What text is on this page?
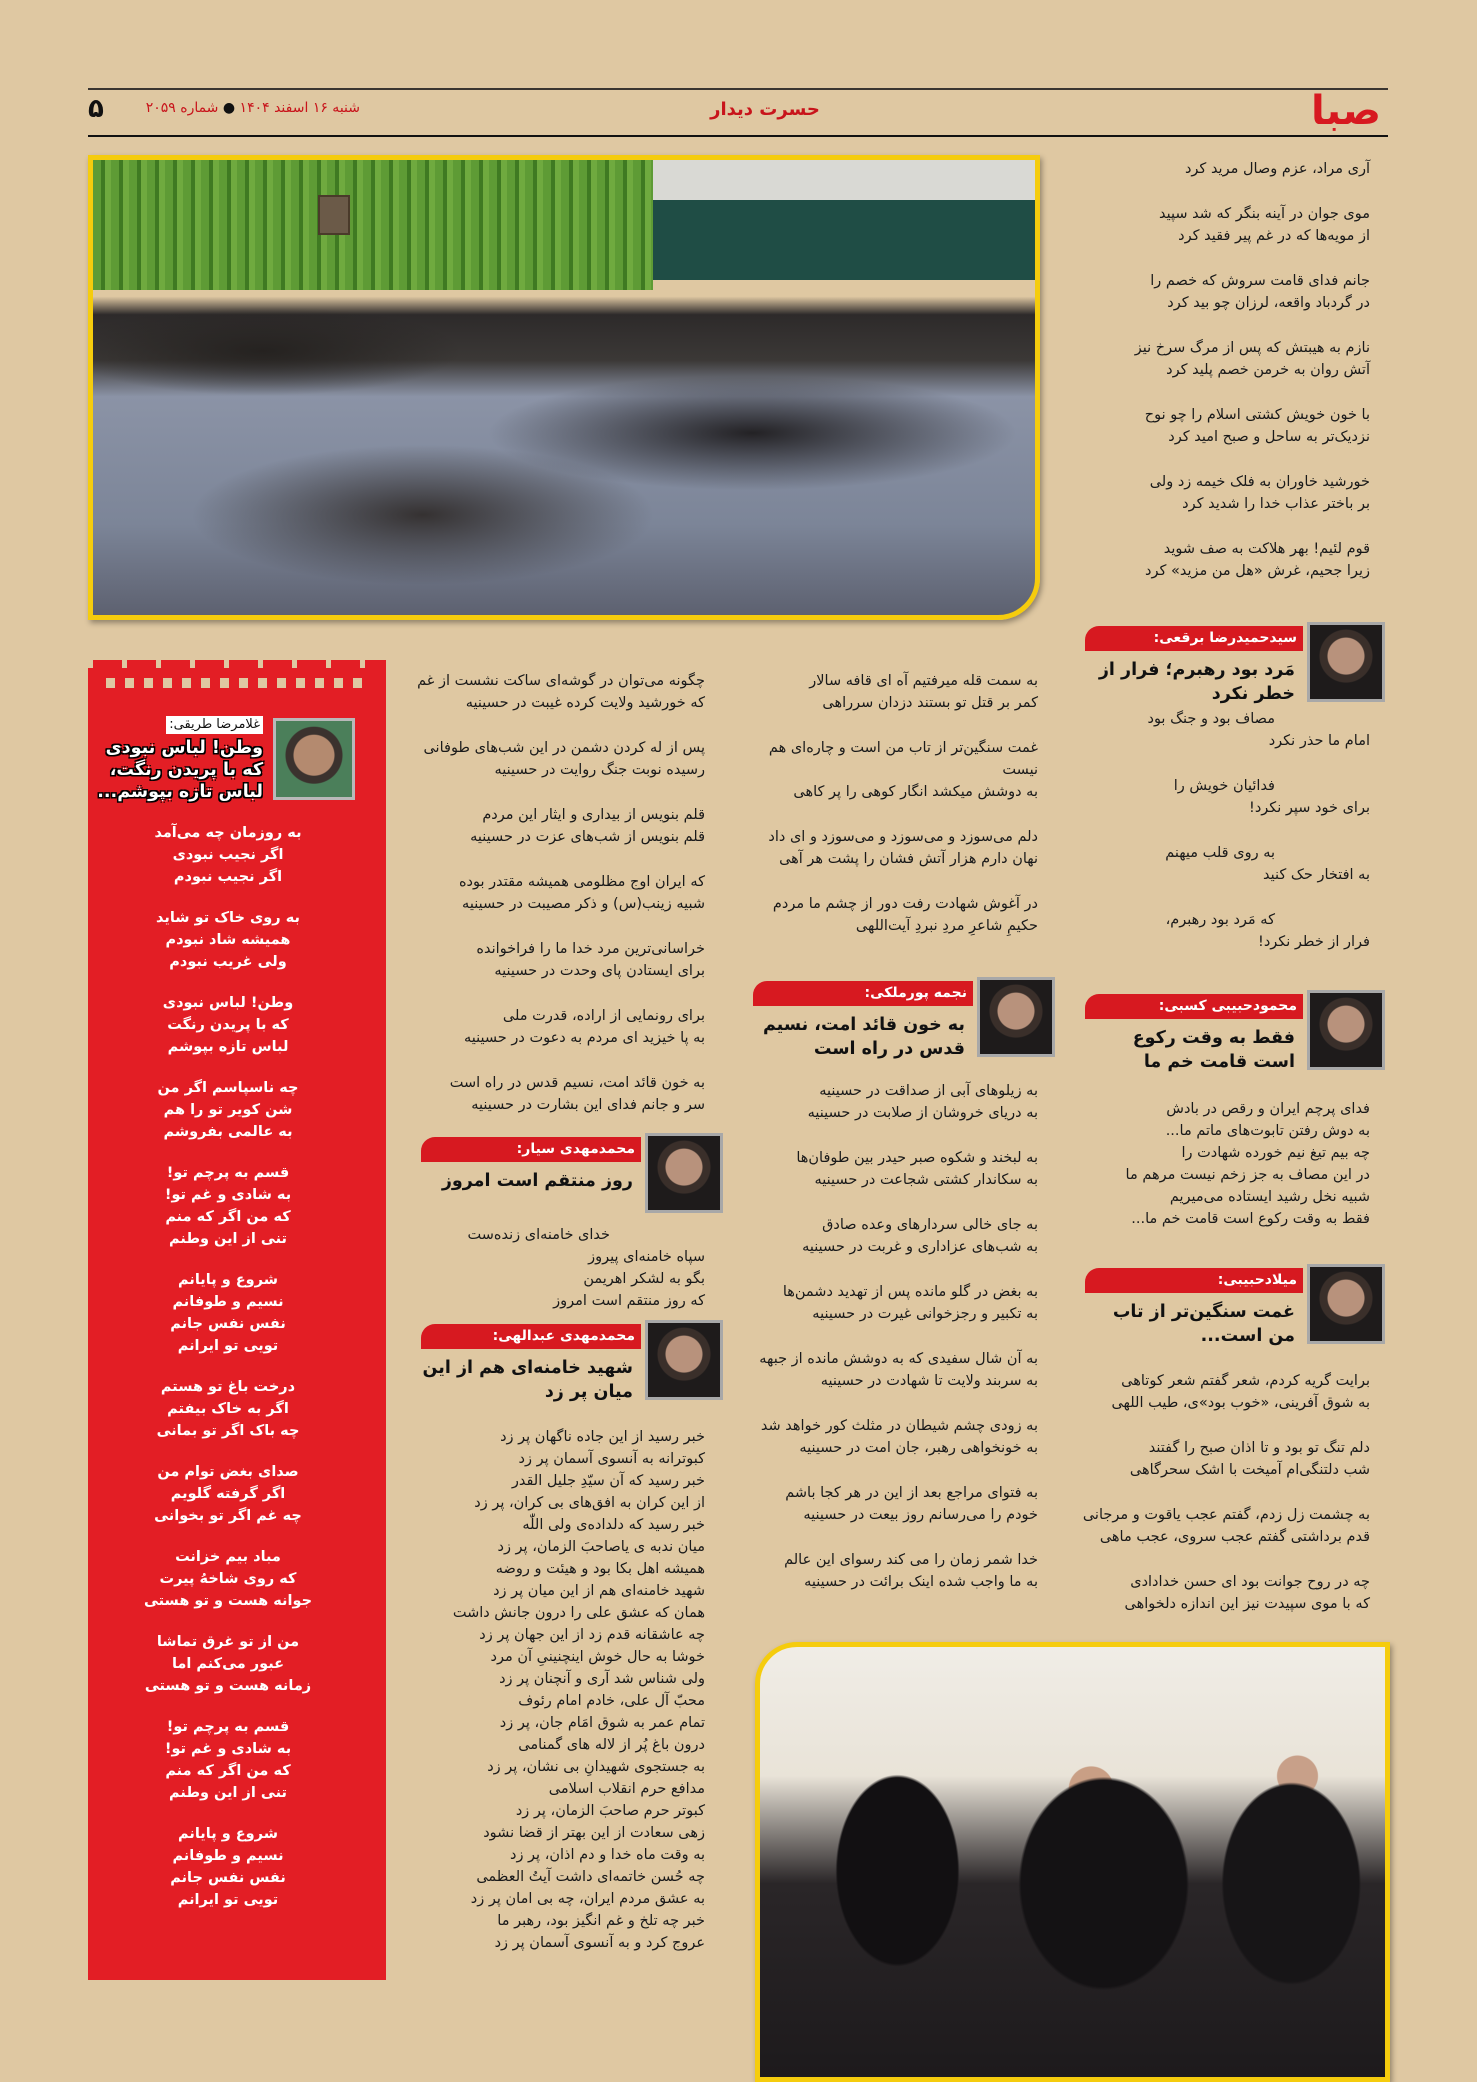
صبا
حسرت دیدار
شنبه ۱۶ اسفند ۱۴۰۴ ● شماره ۲۰۵۹
۵
آری مراد، عزم وصال مرید کرد
موی جوان در آینه بنگر که شد سپید
از مویه‌ها که در غم پیر فقید کرد
جانم فدای قامت سروش که خصم را
در گردباد واقعه، لرزان چو بید کرد
نازم به هیبتش که پس از مرگ سرخ نیز
آتش روان به خرمن خصم پلید کرد
با خون خویش کشتی اسلام را چو نوح
نزدیک‌تر به ساحل و صبح امید کرد
خورشید خاوران به فلک خیمه زد ولی
بر باختر عذاب خدا را شدید کرد
قوم لئیم! بهر هلاکت به صف شوید
زیرا جحیم، غرش «هل من مزید» کرد
سیدحمیدرضا برقعی:
مَرد بود رهبرم؛ فرار از خطر نکرد
مصاف بود و جنگ بود
امام ما حذر نکرد
فدائیان خویش را
برای خود سپر نکرد!
به روی قلب میهنم
به افتخار حک کنید
که مَرد بود رهبرم،
فرار از خطر نکرد!
محمودحبیبی کسبی:
فقط به وقت رکوع است قامت خم ما
فدای پرچم ایران و رقص در بادش
به دوش رفتن تابوت‌های ماتم ما...
چه بیم تیغ نیم خورده شهادت را
در این مصاف به جز زخم نیست مرهم ما
شبیه نخل رشید ایستاده می‌میریم
فقط به وقت رکوع است قامت خم ما...
میلادحبیبی:
غمت سنگین‌تر از تاب من است...
برایت گریه کردم، شعر گفتم شعر کوتاهی
به شوق آفرینی، «خوب بود»ی، طیب اللهی
دلم تنگ تو بود و تا اذان صبح را گفتند
شب دلتنگی‌ام آمیخت با اشک سحرگاهی
به چشمت زل زدم، گفتم عجب یاقوت و مرجانی
قدم برداشتی گفتم عجب سروی، عجب ماهی
چه در روح جوانت بود ای حسن خدادادی
که با موی سپیدت نیز این اندازه دلخواهی
به سمت قله میرفتیم آه ای قافه سالار
کمر بر قتل تو بستند دزدان سرراهی
غمت سنگین‌تر از تاب من است و چاره‌ای هم نیست
به دوشش میکشد انگار کوهی را پر کاهی
دلم می‌سوزد و می‌سوزد و می‌سوزد و ای داد
نهان دارم هزار آتش فشان را پشت هر آهی
در آغوش شهادت رفت دور از چشم ما مردم
حکیمِ شاعرِ مردِ نبردِ آیت‌اللهی
نجمه پورملکی:
به خون قائد امت، نسیم قدس در راه است
به زیلوهای آبی از صداقت در حسینیه
به دریای خروشان از صلابت در حسینیه
به لبخند و شکوه صبر حیدر بین طوفان‌ها
به سکاندار کشتی شجاعت در حسینیه
به جای خالی سردارهای وعده صادق
به شب‌های عزاداری و غربت در حسینیه
به بغض در گلو مانده پس از تهدید دشمن‌ها
به تکبیر و رجزخوانی غیرت در حسینیه
به آن شال سفیدی که به دوشش مانده از جبهه
به سربند ولایت تا شهادت در حسینیه
به زودی چشم شیطان در مثلث کور خواهد شد
به خونخواهی رهبر، جان امت در حسینیه
به فتوای مراجع بعد از این در هر کجا باشم
خودم را می‌رسانم روز بیعت در حسینیه
خدا شمر زمان را می کند رسوای این عالم
به ما واجب شده اینک برائت در حسینیه
چگونه می‌توان در گوشه‌ای ساکت نشست از غم
که خورشید ولایت کرده غیبت در حسینیه
پس از له کردن دشمن در این شب‌های طوفانی
رسیده نوبت جنگ روایت در حسینیه
قلم بنویس از بیداری و ایثار این مردم
قلم بنویس از شب‌های عزت در حسینیه
که ایران اوج مظلومی همیشه مقتدر بوده
شبیه زینب(س) و ذکر مصیبت در حسینیه
خراسانی‌ترین مرد خدا ما را فراخوانده
برای ایستادن پای وحدت در حسینیه
برای رونمایی از اراده، قدرت ملی
به پا خیزید ای مردم به دعوت در حسینیه
به خون قائد امت، نسیم قدس در راه است
سر و جانم فدای این بشارت در حسینیه
محمدمهدی سیار:
روز منتقم است امروز
خدای خامنه‌ای زنده‌ست
سپاه خامنه‌ای پیروز
بگو به لشکر اهریمن
که روز منتقم است امروز
محمدمهدی عبدالهی:
شهید خامنه‌ای هم از این میان پر زد
خبر رسید از این جاده ناگهان پر زد
کبوترانه به آنسوی آسمان پر زد
خبر رسید که آن سیّدِ جلیل القدر
از این کران به افق‌های بی کران، پر زد
خبر رسید که دلداده‌ی ولی اللّٰه
میان ندبه ی یاصاحبَ الزمان، پر زد
همیشه اهل بکا بود و هیئت و روضه
شهید خامنه‌ای هم از این میان پر زد
همان که عشق علی را درون جانش داشت
چه عاشقانه قدم زد از این جهان پر زد
خوشا به حال خوش اینچنینیِ آن مرد
ولی شناس شد آری و آنچنان پر زد
محبّ آل علی، خادم امام رئوف
تمام عمر به شوق امَام جان، پر زد
درون باغ پُر از لاله های گمنامی
به جستجوی شهیدانِ بی نشان، پر زد
مدافع حرم انقلاب اسلامی
کبوتر حرم صاحبَ الزمان، پر زد
زهی سعادت از این بهتر از قضا نشود
به وقت ماه خدا و دم اذان، پر زد
چه حُسن خاتمه‌ای داشت آیتُ العظمی
به عشق مردم ایران، چه بی امان پر زد
خبر چه تلخ و غم انگیز بود، رهبر ما
عروج کرد و به آنسوی آسمان پر زد
غلامرضا طریقی:
وطن! لباس نبودی که با پریدن رنگت، لباس تازه بپوشم...
به روزمان چه می‌آمد
اگر نجیب نبودی
اگر نجیب نبودم
به روی خاک تو شاید
همیشه شاد نبودم
ولی غریب نبودم
وطن! لباس نبودی
که با پریدن رنگت
لباس تازه بپوشم
چه ناسپاسم اگر من
شن کویر تو را هم
به عالمی بفروشم
قسم به پرچم تو!
به شادی و غم تو!
که من اگر که منم
تنی از این وطنم
شروع و پایانم
نسیم و طوفانم
نفس نفس جانم
تویی تو ایرانم
درخت باغ تو هستم
اگر به خاک بیفتم
چه باک اگر تو بمانی
صدای بغض توام من
اگر گرفته گلویم
چه غم اگر تو بخوانی
مباد بیم خزانت
که روی شاخهُ پیرت
جوانه هست و تو هستی
من از تو غرق تماشا
عبور می‌کنم اما
زمانه هست و تو هستی
قسم به پرچم تو!
به شادی و غم تو!
که من اگر که منم
تنی از این وطنم
شروع و پایانم
نسیم و طوفانم
نفس نفس جانم
تویی تو ایرانم
